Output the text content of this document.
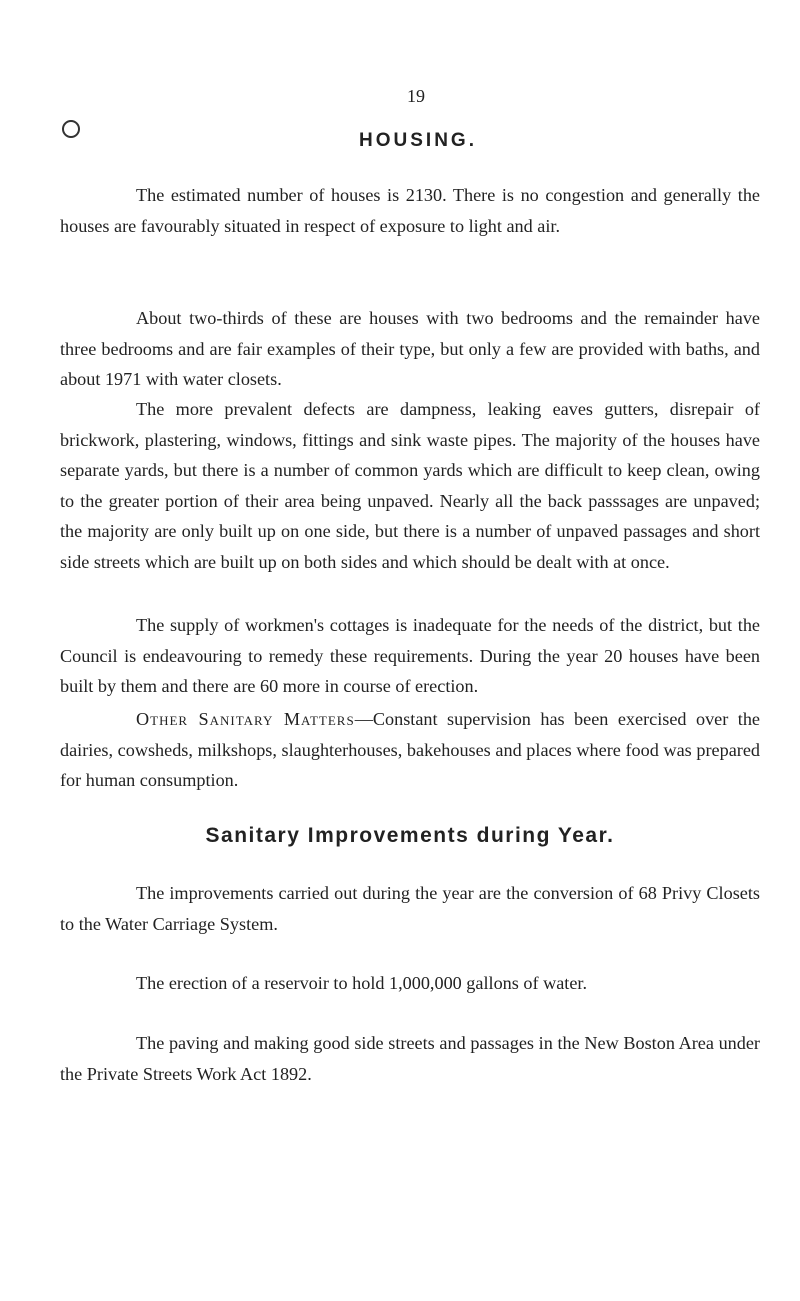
19
HOUSING.

The estimated number of houses is 2130. There is no congestion and generally the houses are favourably situated in respect of exposure to light and air.

About two-thirds of these are houses with two bedrooms and the remainder have three bedrooms and are fair examples of their type, but only a few are provided with baths, and about 1971 with water closets.

The more prevalent defects are dampness, leaking eaves gutters, disrepair of brickwork, plastering, windows, fittings and sink waste pipes. The majority of the houses have separate yards, but there is a number of common yards which are difficult to keep clean, owing to the greater portion of their area being unpaved. Nearly all the back passsages are unpaved; the majority are only built up on one side, but there is a number of unpaved passages and short side streets which are built up on both sides and which should be dealt with at once.

The supply of workmen's cottages is inadequate for the needs of the district, but the Council is endeavouring to remedy these requirements. During the year 20 houses have been built by them and there are 60 more in course of erection.

Other Sanitary Matters—Constant supervision has been exercised over the dairies, cowsheds, milkshops, slaughterhouses, bakehouses and places where food was prepared for human consumption.

Sanitary Improvements during Year.

The improvements carried out during the year are the conversion of 68 Privy Closets to the Water Carriage System.

The erection of a reservoir to hold 1,000,000 gallons of water.

The paving and making good side streets and passages in the New Boston Area under the Private Streets Work Act 1892.
